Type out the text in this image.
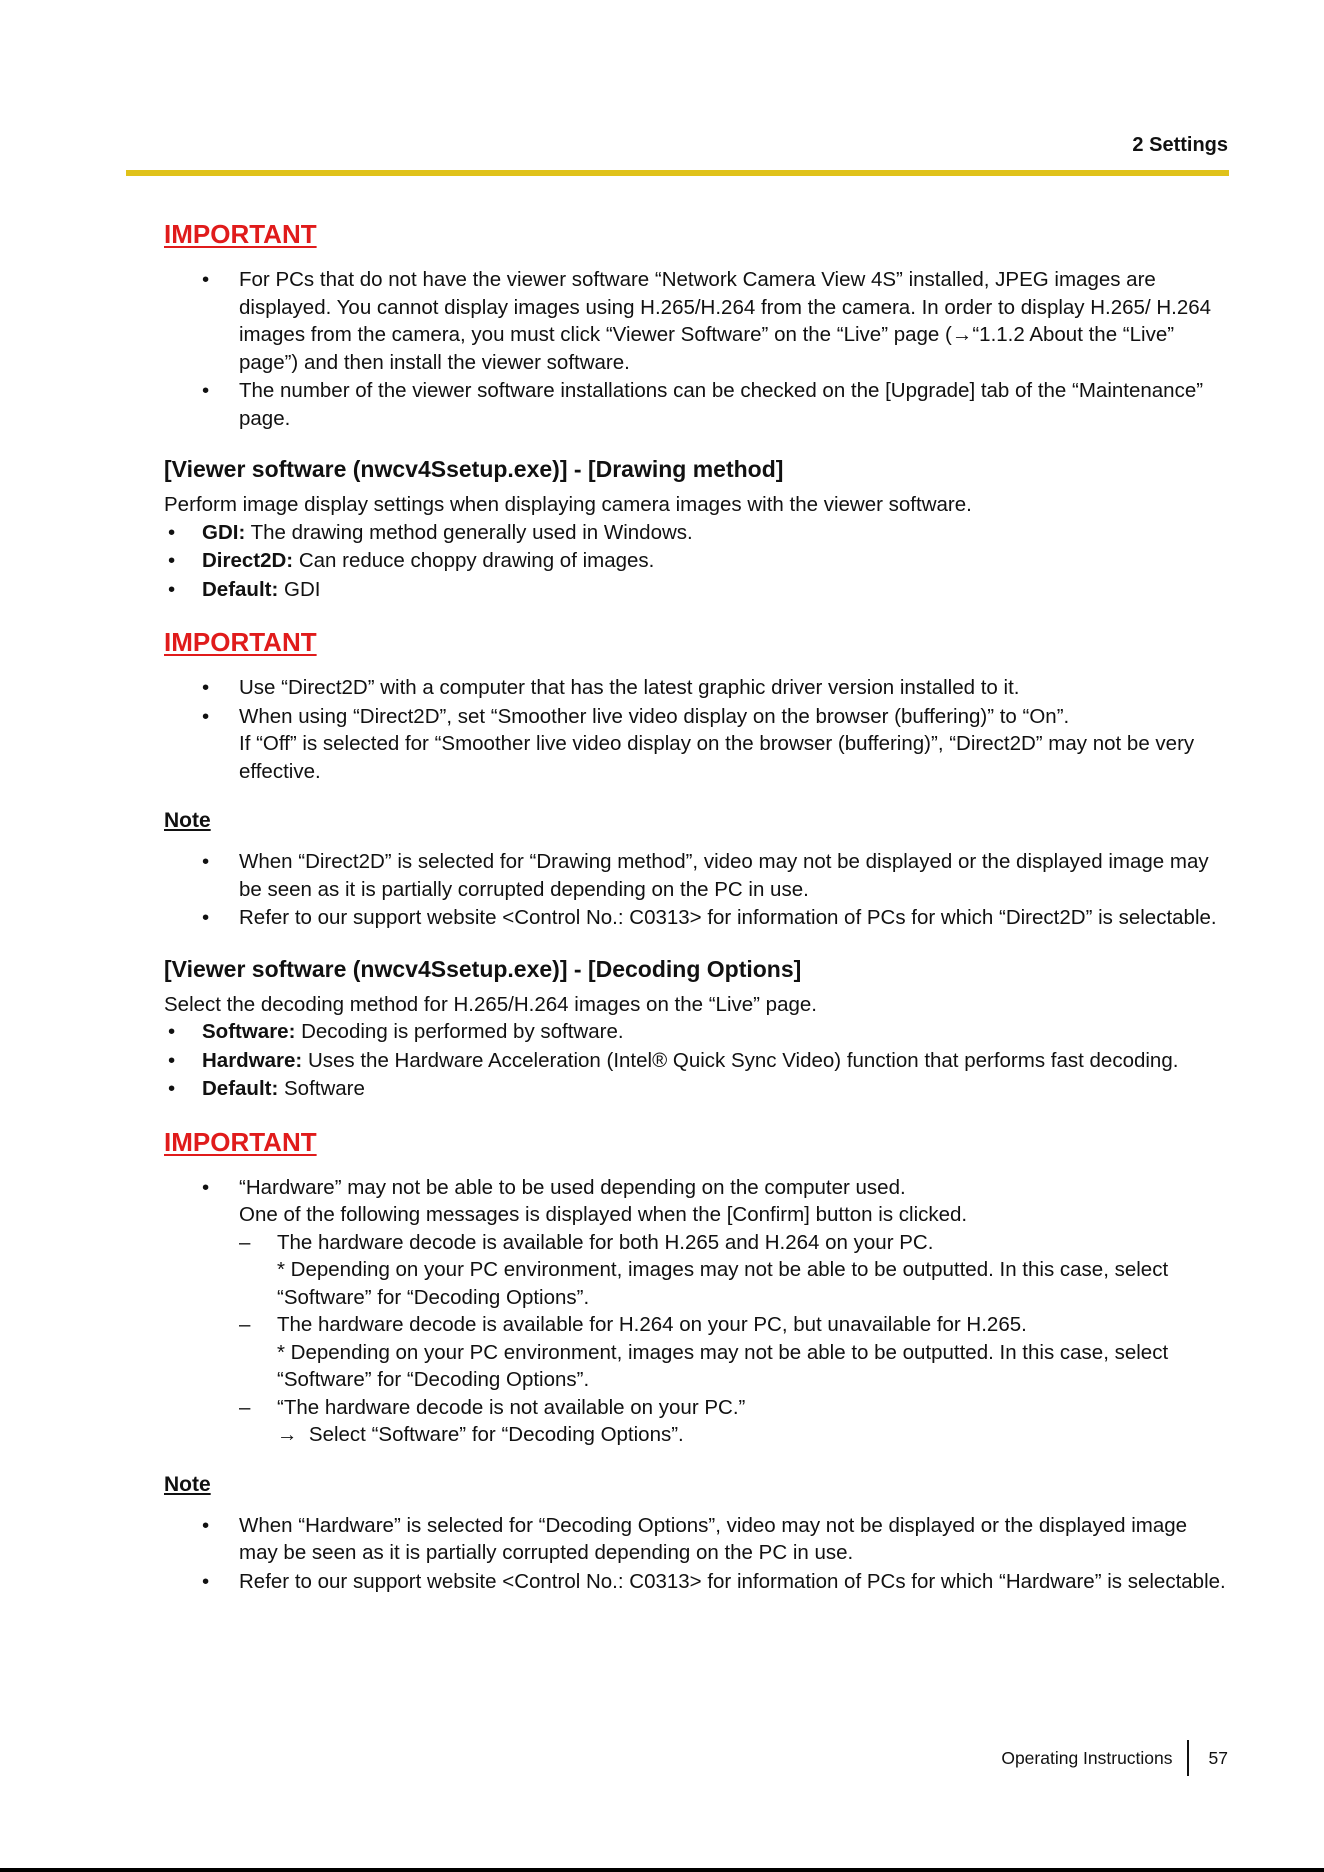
2 Settings
IMPORTANT
• For PCs that do not have the viewer software “Network Camera View 4S” installed, JPEG images are displayed. You cannot display images using H.265/H.264 from the camera. In order to display H.265/ H.264 images from the camera, you must click “Viewer Software” on the “Live” page (→“1.1.2 About the “Live” page”) and then install the viewer software.
• The number of the viewer software installations can be checked on the [Upgrade] tab of the “Maintenance” page.
[Viewer software (nwcv4Ssetup.exe)] - [Drawing method]

Perform image display settings when displaying camera images with the viewer software.

• GDI: The drawing method generally used in Windows.
• Direct2D: Can reduce choppy drawing of images.
• Default: GDI
IMPORTANT
• Use “Direct2D” with a computer that has the latest graphic driver version installed to it.
• When using “Direct2D”, set “Smoother live video display on the browser (buffering)” to “On”.
If “Off” is selected for “Smoother live video display on the browser (buffering)”, “Direct2D” may not be very effective.
Note
• When “Direct2D” is selected for “Drawing method”, video may not be displayed or the displayed image may be seen as it is partially corrupted depending on the PC in use.
• Refer to our support website <Control No.: C0313> for information of PCs for which “Direct2D” is selectable.
[Viewer software (nwcv4Ssetup.exe)] - [Decoding Options]

Select the decoding method for H.265/H.264 images on the “Live” page.

• Software: Decoding is performed by software.
• Hardware: Uses the Hardware Acceleration (Intel® Quick Sync Video) function that performs fast decoding.
• Default: Software
IMPORTANT
• “Hardware” may not be able to be used depending on the computer used.
One of the following messages is displayed when the [Confirm] button is clicked.
– The hardware decode is available for both H.265 and H.264 on your PC.
* Depending on your PC environment, images may not be able to be outputted. In this case, select “Software” for “Decoding Options”.
– The hardware decode is available for H.264 on your PC, but unavailable for H.265.
* Depending on your PC environment, images may not be able to be outputted. In this case, select “Software” for “Decoding Options”.
– “The hardware decode is not available on your PC.”
→ Select “Software” for “Decoding Options”.
Note
• When “Hardware” is selected for “Decoding Options”, video may not be displayed or the displayed image may be seen as it is partially corrupted depending on the PC in use.
• Refer to our support website <Control No.: C0313> for information of PCs for which “Hardware” is selectable.
Operating Instructions 57
